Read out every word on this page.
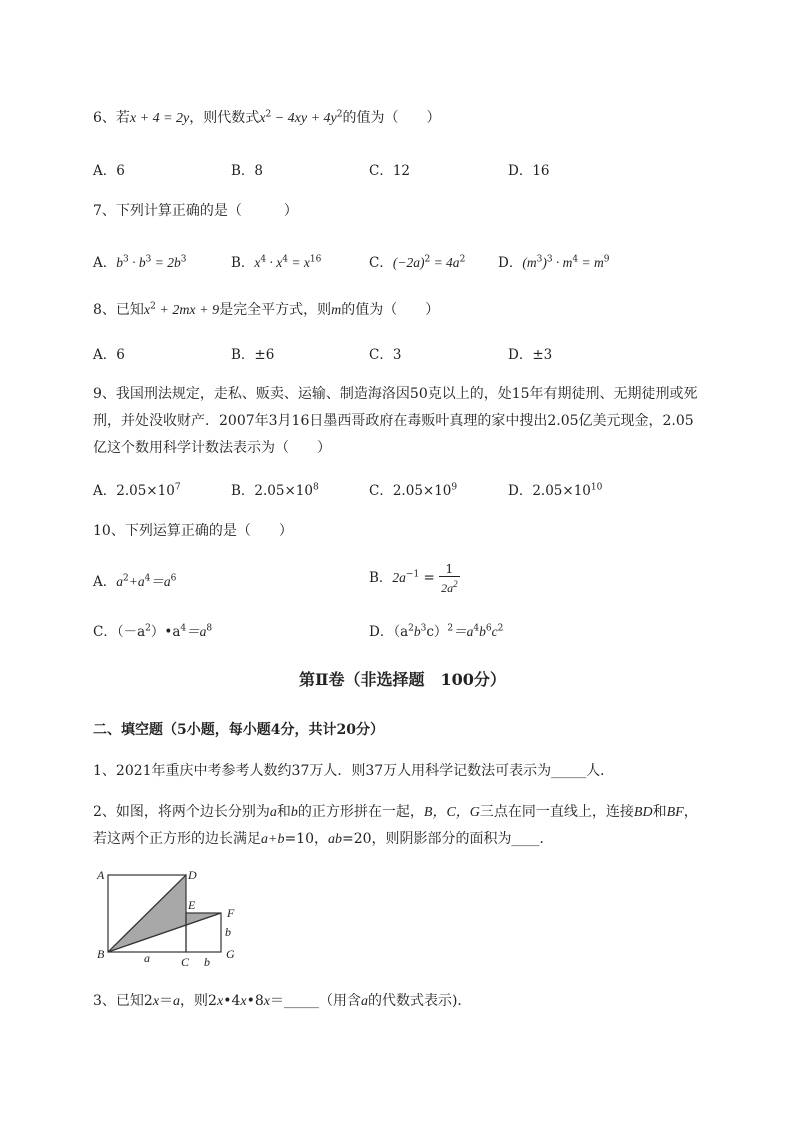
6、若x + 4 = 2y，则代数式$x^2 - 4xy + 4y^2$的值为（　　）
A．6	B．8	C．12	D．16
7、下列计算正确的是（　　　）
A．$b^3 \cdot b^3 = 2b^3$	B．$x^4 \cdot x^4 = x^{16}$	C．$(-2a)^2 = 4a^2$ D．$(m^3)^3 \cdot m^4 = m^9$
8、已知$x^2 + 2mx + 9$是完全平方式，则m的值为（　　）
A．6	B．±6	C．3	D．±3
9、我国刑法规定，走私、贩卖、运输、制造海洛因50克以上的，处15年有期徒刑、无期徒刑或死
刑，并处没收财产．2007年3月16日墨西哥政府在毒贩叶真理的家中搜出2.05亿美元现金，2.05
亿这个数用科学计数法表示为（　　）
A．$2.05\times 10^7$	B．$2.05\times 10^8$	C．$2.05\times 10^9$	D．$2.05\times 10^{10}$
10、下列运算正确的是（　　）
A．$a^2+a^4=a^6$	B．$2a^{-1} = \frac{1}{2a^2}$
C．$(-a^2)•a^4=a^8$	D．$(a^2b^3c)^2=a^4b^6c^2$
第Ⅱ卷（非选择题　100分）
二、填空题（5小题，每小题4分，共计20分）
1、2021年重庆中考参考人数约37万人．则37万人用科学记数法可表示为_____人．
2、如图，将两个边长分别为a和b的正方形拼在一起，B，C，G三点在同一直线上，连接BD和BF，
若这两个正方形的边长满足a+b=10，ab=20，则阴影部分的面积为____．
A	D
E
F
B
C
G
a	b
b
3、已知2x＝a，则2x•4x•8x＝_____（用含a的代数式表示)．
